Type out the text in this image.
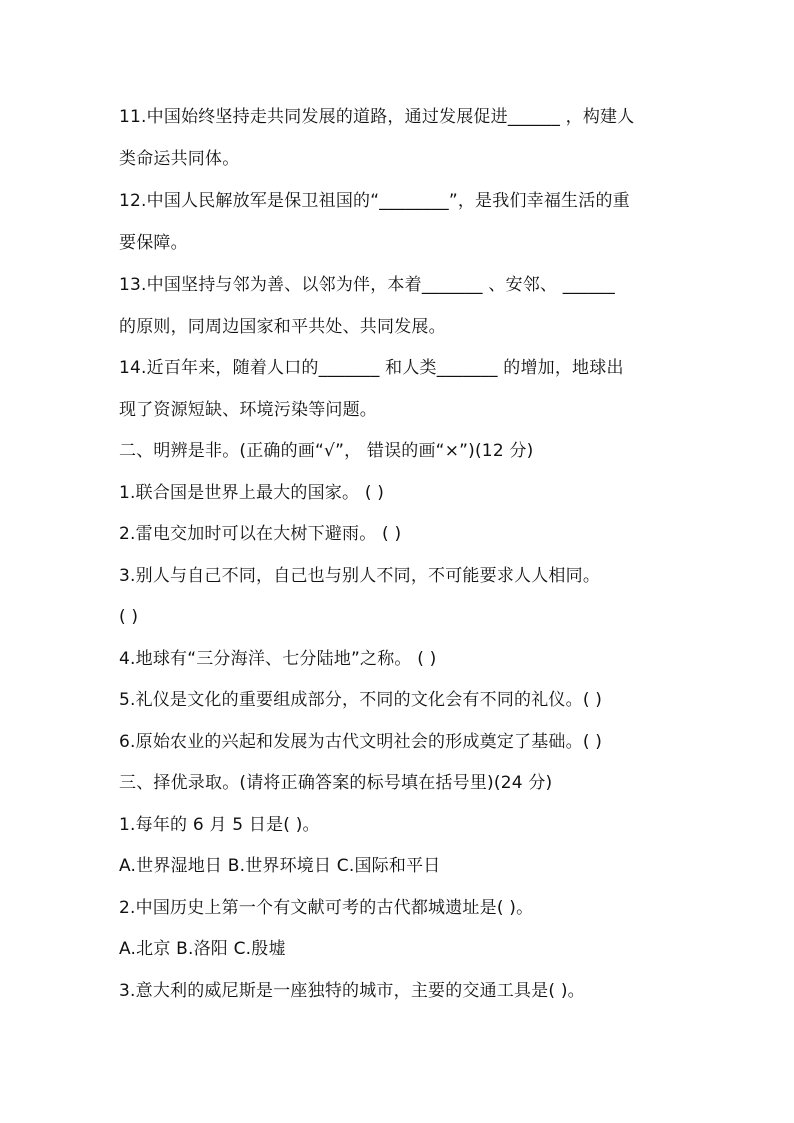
11.中国始终坚持走共同发展的道路，通过发展促进______ ，构建人
类命运共同体。
12.中国人民解放军是保卫祖国的“________”，是我们幸福生活的重
要保障。
13.中国坚持与邻为善、以邻为伴，本着_______ 、安邻、 ______
的原则，同周边国家和平共处、共同发展。
14.近百年来，随着人口的_______ 和人类_______ 的增加，地球出
现了资源短缺、环境污染等问题。
二、明辨是非。(正确的画“√”， 错误的画“×”)(12 分)
1.联合国是世界上最大的国家。 ( )
2.雷电交加时可以在大树下避雨。 ( )
3.别人与自己不同，自己也与别人不同，不可能要求人人相同。
( )
4.地球有“三分海洋、七分陆地”之称。 ( )
5.礼仪是文化的重要组成部分，不同的文化会有不同的礼仪。( )
6.原始农业的兴起和发展为古代文明社会的形成奠定了基础。( )
三、择优录取。(请将正确答案的标号填在括号里)(24 分)
1.每年的 6 月 5 日是( )。
A.世界湿地日 B.世界环境日 C.国际和平日
2.中国历史上第一个有文献可考的古代都城遗址是( )。
A.北京 B.洛阳 C.殷墟
3.意大利的威尼斯是一座独特的城市，主要的交通工具是( )。
